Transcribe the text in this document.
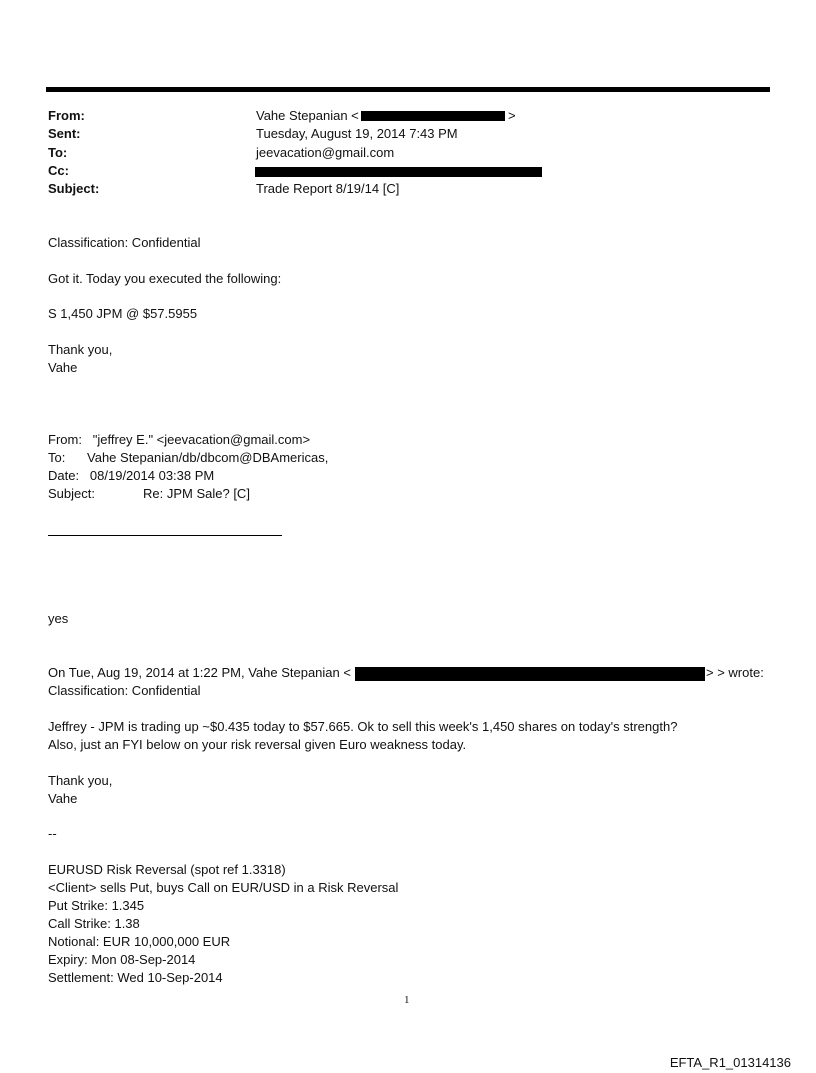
From:	Vahe Stepanian <	>
Sent:	Tuesday, August 19, 2014 7:43 PM
To:	jeevacation@gmail.com
Cc:
Subject:	Trade Report 8/19/14 [C]
Classification: Confidential
Got it. Today you executed the following:
S 1,450 JPM @ $57.5955
Thank you,
Vahe
From:   "jeffrey E." <jeevacation@gmail.com>
To:      Vahe Stepanian/db/dbcom@DBAmericas,
Date:   08/19/2014 03:38 PM
Subject:	Re: JPM Sale? [C]
yes
On Tue, Aug 19, 2014 at 1:22 PM, Vahe Stepanian <	> > wrote:
Classification: Confidential
Jeffrey - JPM is trading up ~$0.435 today to $57.665. Ok to sell this week's 1,450 shares on today's strength?
Also, just an FYI below on your risk reversal given Euro weakness today.
Thank you,
Vahe
--
EURUSD Risk Reversal (spot ref 1.3318)
<Client> sells Put, buys Call on EUR/USD in a Risk Reversal
Put Strike: 1.345
Call Strike: 1.38
Notional: EUR 10,000,000 EUR
Expiry: Mon 08-Sep-2014
Settlement: Wed 10-Sep-2014
1
EFTA_R1_01314136
